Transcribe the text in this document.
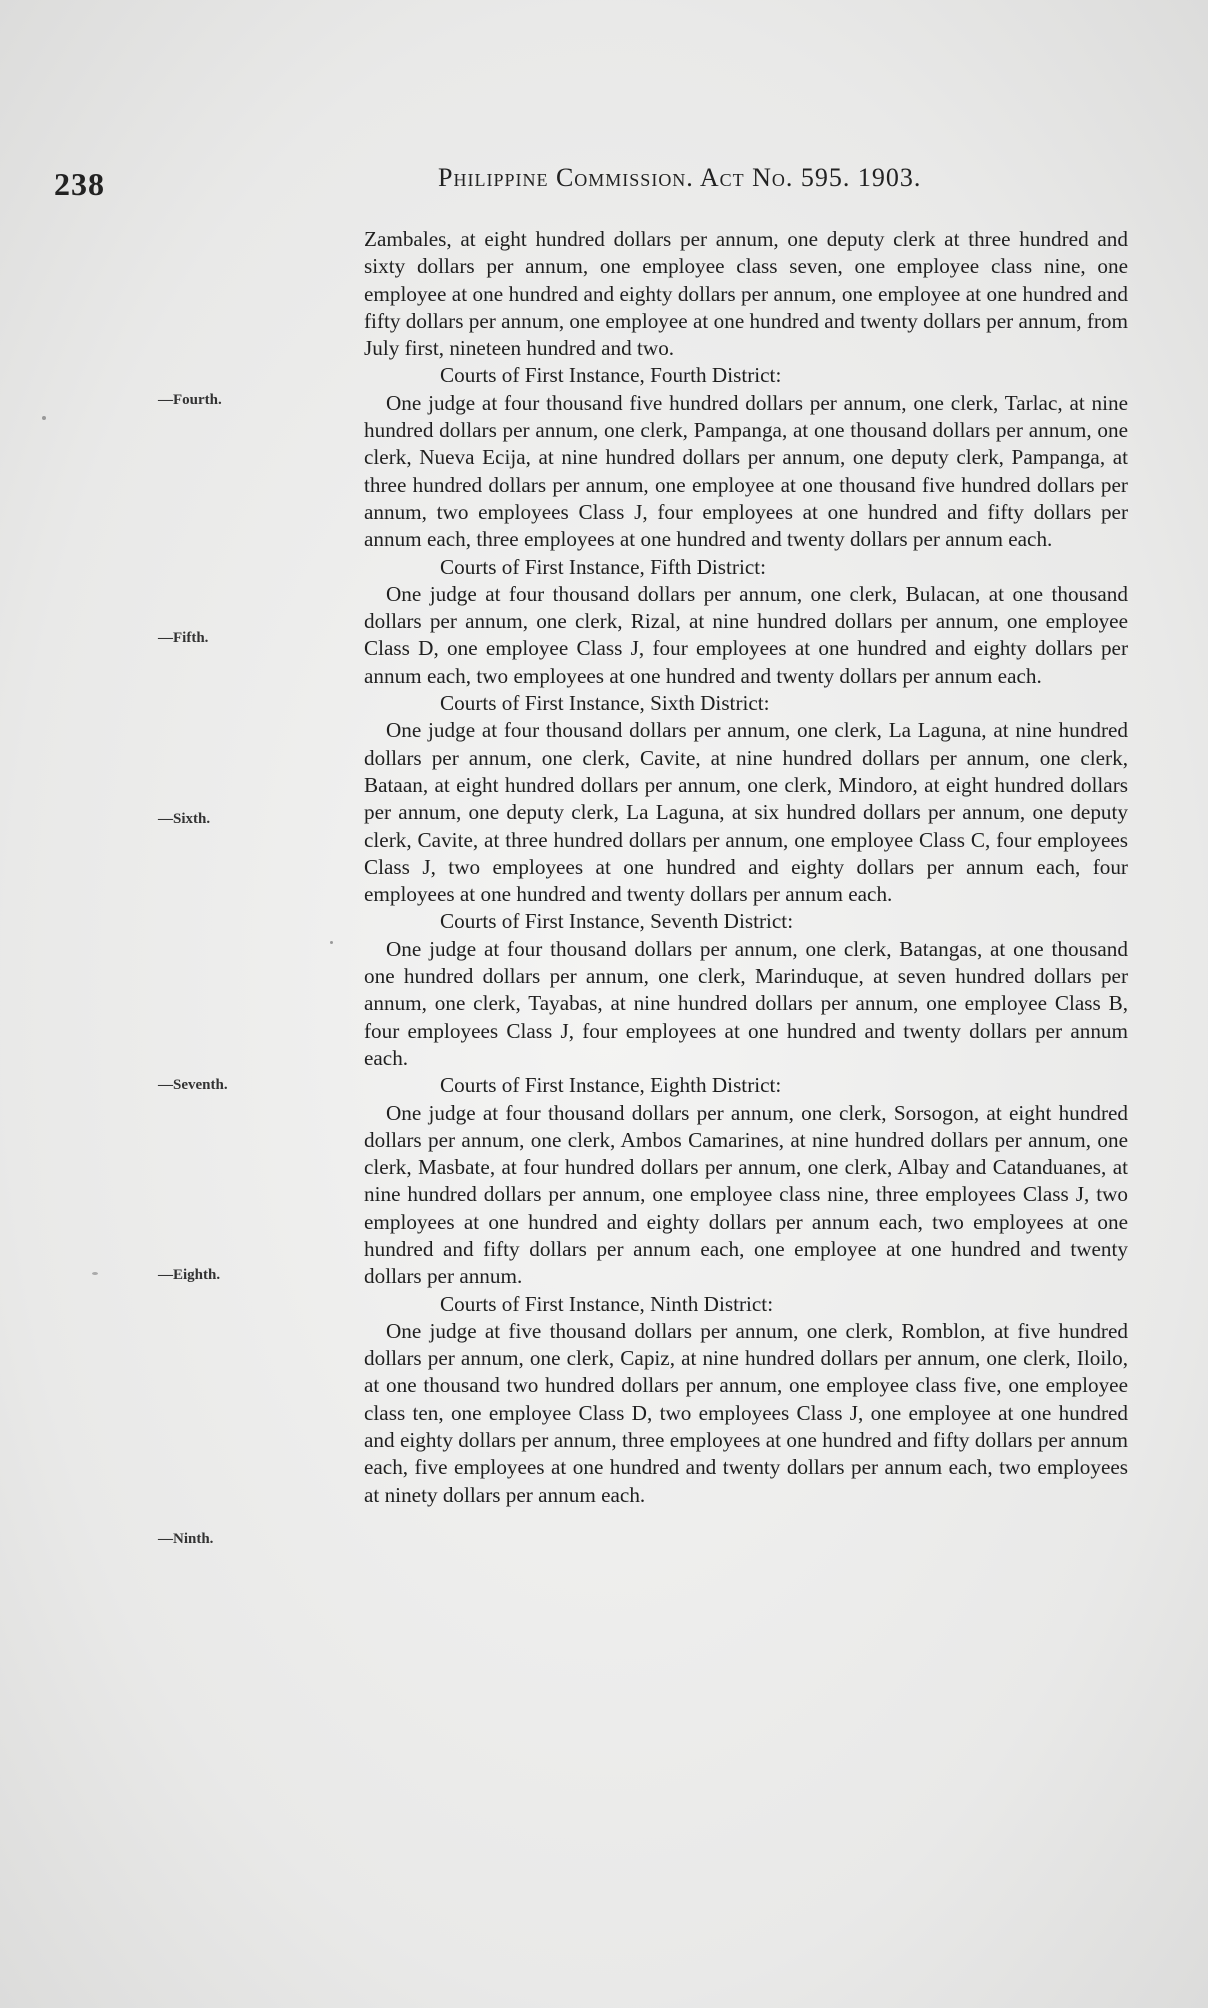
238	Philippine Commission. Act No. 595. 1903.
—Fourth.
—Fifth.
—Sixth.
—Seventh.
—Eighth.
—Ninth.
Zambales, at eight hundred dollars per annum, one deputy clerk at three hundred and sixty dollars per annum, one employee class seven, one employee class nine, one employee at one hundred and eighty dollars per annum, one employee at one hundred and fifty dollars per annum, one employee at one hundred and twenty dollars per annum, from July first, nineteen hundred and two.
Courts of First Instance, Fourth District:
One judge at four thousand five hundred dollars per annum, one clerk, Tarlac, at nine hundred dollars per annum, one clerk, Pampanga, at one thousand dollars per annum, one clerk, Nueva Ecija, at nine hundred dollars per annum, one deputy clerk, Pampanga, at three hundred dollars per annum, one employee at one thousand five hundred dollars per annum, two employees Class J, four employees at one hundred and fifty dollars per annum each, three employees at one hundred and twenty dollars per annum each.
Courts of First Instance, Fifth District:
One judge at four thousand dollars per annum, one clerk, Bulacan, at one thousand dollars per annum, one clerk, Rizal, at nine hundred dollars per annum, one employee Class D, one employee Class J, four employees at one hundred and eighty dollars per annum each, two employees at one hundred and twenty dollars per annum each.
Courts of First Instance, Sixth District:
One judge at four thousand dollars per annum, one clerk, La Laguna, at nine hundred dollars per annum, one clerk, Cavite, at nine hundred dollars per annum, one clerk, Bataan, at eight hundred dollars per annum, one clerk, Mindoro, at eight hundred dollars per annum, one deputy clerk, La Laguna, at six hundred dollars per annum, one deputy clerk, Cavite, at three hundred dollars per annum, one employee Class C, four employees Class J, two employees at one hundred and eighty dollars per annum each, four employees at one hundred and twenty dollars per annum each.
Courts of First Instance, Seventh District:
One judge at four thousand dollars per annum, one clerk, Batangas, at one thousand one hundred dollars per annum, one clerk, Marinduque, at seven hundred dollars per annum, one clerk, Tayabas, at nine hundred dollars per annum, one employee Class B, four employees Class J, four employees at one hundred and twenty dollars per annum each.
Courts of First Instance, Eighth District:
One judge at four thousand dollars per annum, one clerk, Sorsogon, at eight hundred dollars per annum, one clerk, Ambos Camarines, at nine hundred dollars per annum, one clerk, Masbate, at four hundred dollars per annum, one clerk, Albay and Catanduanes, at nine hundred dollars per annum, one employee class nine, three employees Class J, two employees at one hundred and eighty dollars per annum each, two employees at one hundred and fifty dollars per annum each, one employee at one hundred and twenty dollars per annum.
Courts of First Instance, Ninth District:
One judge at five thousand dollars per annum, one clerk, Romblon, at five hundred dollars per annum, one clerk, Capiz, at nine hundred dollars per annum, one clerk, Iloilo, at one thousand two hundred dollars per annum, one employee class five, one employee class ten, one employee Class D, two employees Class J, one employee at one hundred and eighty dollars per annum, three employees at one hundred and fifty dollars per annum each, five employees at one hundred and twenty dollars per annum each, two employees at ninety dollars per annum each.
